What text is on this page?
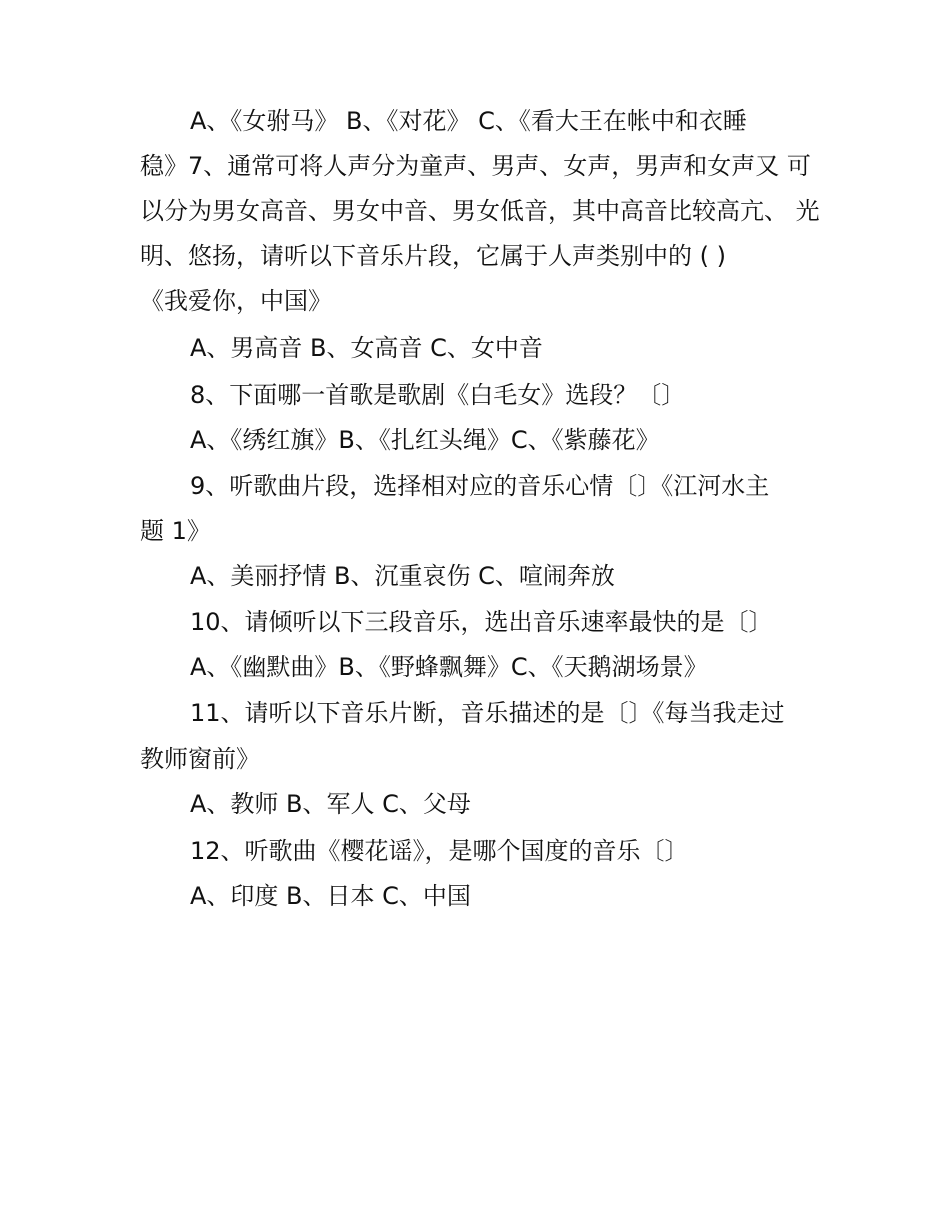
A、《女驸马》 B、《对花》 C、《看大王在帐中和衣睡

稳》7、通常可将人声分为童声、男声、女声，男声和女声又 可

以分为男女高音、男女中音、男女低音，其中高音比较高亢、 光

明、悠扬，请听以下音乐片段，它属于人声类别中的 ( )

《我爱你，中国》

A、男高音 B、女高音 C、女中音

8、下面哪一首歌是歌剧《白毛女》选段？〔〕

A、《绣红旗》B、《扎红头绳》C、《紫藤花》

9、听歌曲片段，选择相对应的音乐心情〔〕《江河水主

题 1》

A、美丽抒情 B、沉重哀伤 C、喧闹奔放

10、请倾听以下三段音乐，选出音乐速率最快的是〔〕

A、《幽默曲》B、《野蜂飘舞》C、《天鹅湖场景》

11、请听以下音乐片断，音乐描述的是〔〕《每当我走过

教师窗前》

A、教师 B、军人 C、父母

12、听歌曲《樱花谣》，是哪个国度的音乐〔〕

A、印度 B、日本 C、中国
